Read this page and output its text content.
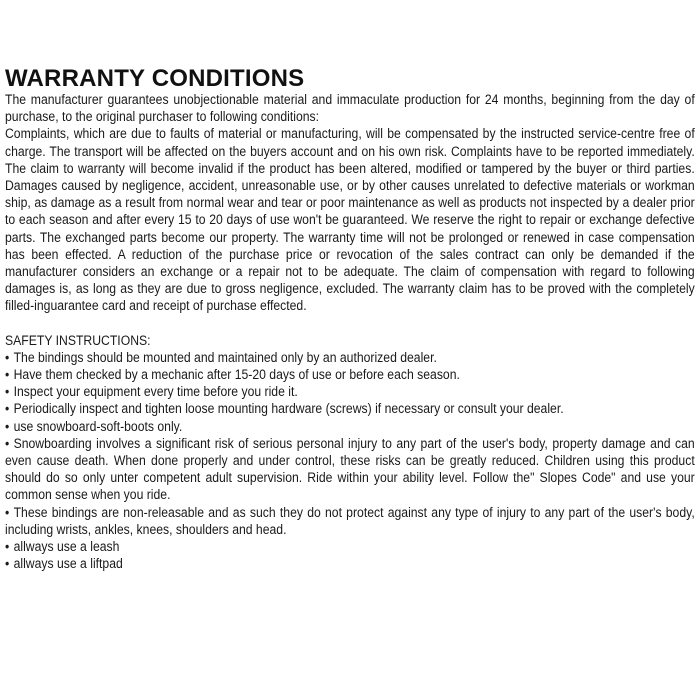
WARRANTY CONDITIONS

The manufacturer guarantees unobjectionable material and immaculate production for 24 months, beginning from the day of purchase, to the original purchaser to following conditions:

Complaints, which are due to faults of material or manufacturing, will be compensated by the instructed service-centre free of charge. The transport will be affected on the buyers account and on his own risk. Complaints have to be reported immediately. The claim to warranty will become invalid if the product has been altered, modified or tampered by the buyer or third parties. Damages caused by negligence, accident, unreasonable use, or by other causes unrelated to defective materials or workman ship, as damage as a result from normal wear and tear or poor maintenance as well as products not inspected by a dealer prior to each season and after every 15 to 20 days of use won't be guaranteed. We reserve the right to repair or exchange defective parts. The exchanged parts become our property. The warranty time will not be prolonged or renewed in case compensation has been effected. A reduction of the purchase price or revocation of the sales contract can only be demanded if the manufacturer considers an exchange or a repair not to be adequate. The claim of compensation with regard to following damages is, as long as they are due to gross negligence, excluded. The warranty claim has to be proved with the completely filled-inguarantee card and receipt of purchase effected.

SAFETY INSTRUCTIONS:

• The bindings should be mounted and maintained only by an authorized dealer.
• Have them checked by a mechanic after 15-20 days of use or before each season.
• Inspect your equipment every time before you ride it.
• Periodically inspect and tighten loose mounting hardware (screws) if necessary or consult your dealer.
• use snowboard-soft-boots only.
• Snowboarding involves a significant risk of serious personal injury to any part of the user's body, property damage and can even cause death. When done properly and under control, these risks can be greatly reduced. Children using this product should do so only unter competent adult supervision. Ride within your ability level. Follow the" Slopes Code" and use your common sense when you ride.
• These bindings are non-releasable and as such they do not protect against any type of injury to any part of the user's body, including wrists, ankles, knees, shoulders and head.
• allways use a leash
• allways use a liftpad
